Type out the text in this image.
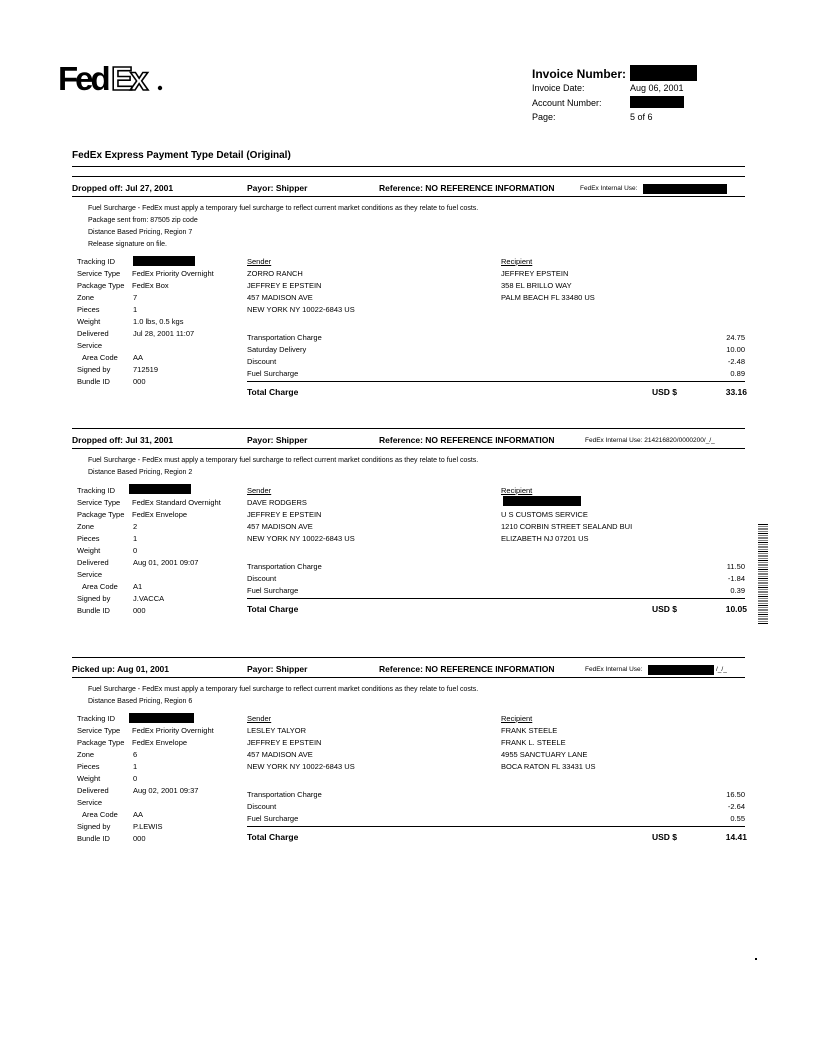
Fed Ex	Invoice Number:
Invoice Date:	Aug 06, 2001
Account Number:
Page:	5 of 6
FedEx Express Payment Type Detail (Original)
Dropped off: Jul 27, 2001	Payor: Shipper	Reference: NO REFERENCE INFORMATION	FedEx Internal Use:
Fuel Surcharge - FedEx must apply a temporary fuel surcharge to reflect current market conditions as they relate to fuel costs.
Package sent from: 87505 zip code
Distance Based Pricing, Region 7
Release signature on file.
Tracking ID
Service Type FedEx Priority Overnight
Package Type FedEx Box
Zone	7
Pieces	1
Weight	1.0 lbs, 0.5 kgs
Delivered	Jul 28, 2001 11:07
Service
Area Code AA
Signed by	712519
Bundle ID	000
Sender
ZORRO RANCH
JEFFREY E EPSTEIN
457 MADISON AVE
NEW YORK NY 10022-6843 US
Recipient
JEFFREY EPSTEIN
358 EL BRILLO WAY
PALM BEACH FL 33480 US
Transportation Charge	24.75
Saturday Delivery	10.00
Discount	-2.48
Fuel Surcharge	0.89
Total Charge	USD $	33.16
Dropped off: Jul 31, 2001	Payor: Shipper	Reference: NO REFERENCE INFORMATION	FedEx Internal Use: 214216820/0000200/_/_
Fuel Surcharge - FedEx must apply a temporary fuel surcharge to reflect current market conditions as they relate to fuel costs.
Distance Based Pricing, Region 2
Tracking ID
Service Type FedEx Standard Overnight
Package Type FedEx Envelope
Zone	2
Pieces	1
Weight	0
Delivered	Aug 01, 2001 09:07
Service
Area Code A1
Signed by	J.VACCA
Bundle ID	000
Sender
DAVE RODGERS
JEFFREY E EPSTEIN
457 MADISON AVE
NEW YORK NY 10022-6843 US
Recipient
U S CUSTOMS SERVICE
1210 CORBIN STREET SEALAND BUI
ELIZABETH NJ 07201 US
Transportation Charge	11.50
Discount	-1.84
Fuel Surcharge	0.39
Total Charge	USD $	10.05
Picked up: Aug 01, 2001	Payor: Shipper	Reference: NO REFERENCE INFORMATION	FedEx Internal Use:	/_/_
Fuel Surcharge - FedEx must apply a temporary fuel surcharge to reflect current market conditions as they relate to fuel costs.
Distance Based Pricing, Region 6
Tracking ID
Service Type FedEx Priority Overnight
Package Type FedEx Envelope
Zone	6
Pieces	1
Weight	0
Delivered	Aug 02, 2001 09:37
Service
Area Code AA
Signed by	P.LEWIS
Bundle ID	000
Sender
LESLEY TALYOR
JEFFREY E EPSTEIN
457 MADISON AVE
NEW YORK NY 10022-6843 US
Recipient
FRANK STEELE
FRANK L. STEELE
4955 SANCTUARY LANE
BOCA RATON FL 33431 US
Transportation Charge	16.50
Discount	-2.64
Fuel Surcharge	0.55
Total Charge	USD $	14.41
